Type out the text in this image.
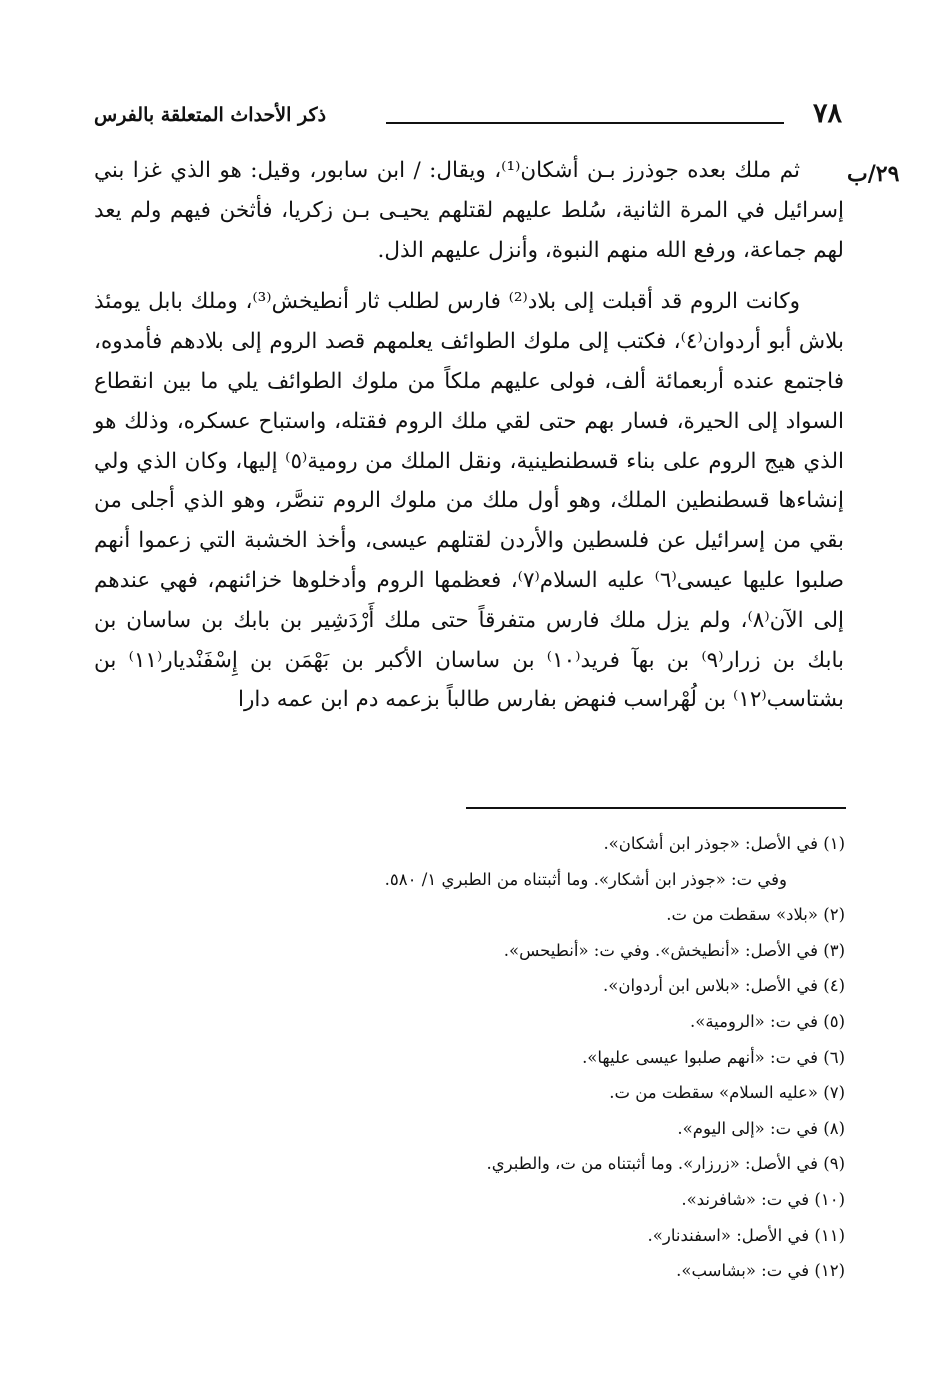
٧٨
ذكر الأحداث المتعلقة بالفرس
٢٩/ب

ثم ملك بعده جوذرز بـن أشكان⁽¹⁾، ويقال: / ابن سابور، وقيل: هو الذي غزا بني إسرائيل في المرة الثانية، سُلط عليهم لقتلهم يحيـى بـن زكريا، فأثخن فيهم ولم يعد لهم جماعة، ورفع الله منهم النبوة، وأنزل عليهم الذل.

وكانت الروم قد أقبلت إلى بلاد⁽²⁾ فارس لطلب ثار أنطيخش⁽³⁾، وملك بابل يومئذ بلاش أبو أردوان⁽٤⁾، فكتب إلى ملوك الطوائف يعلمهم قصد الروم إلى بلادهم فأمدوه، فاجتمع عنده أربعمائة ألف، فولى عليهم ملكاً من ملوك الطوائف يلي ما بين انقطاع السواد إلى الحيرة، فسار بهم حتى لقي ملك الروم فقتله، واستباح عسكره، وذلك هو الذي هيج الروم على بناء قسطنطينية، ونقل الملك من رومية⁽٥⁾ إليها، وكان الذي ولي إنشاءها قسطنطين الملك، وهو أول ملك من ملوك الروم تنصَّر، وهو الذي أجلى من بقي من إسرائيل عن فلسطين والأردن لقتلهم عيسى، وأخذ الخشبة التي زعموا أنهم صلبوا عليها عيسى⁽٦⁾ عليه السلام⁽٧⁾، فعظمها الروم وأدخلوها خزائنهم، فهي عندهم إلى الآن⁽٨⁾، ولم يزل ملك فارس متفرقاً حتى ملك أَرْدَشِير بن بابك بن ساسان بن بابك بن زرار⁽٩⁾ بن بهآ فريد⁽١٠⁾ بن ساسان الأكبر بن بَهْمَن بن إِسْفَنْديار⁽١١⁾ بن بشتاسب⁽١٢⁾ بن لُهْراسب فنهض بفارس طالباً بزعمه دم ابن عمه دارا

(١) في الأصل: «جوذر ابن أشكان».
وفي ت: «جوذر ابن أشكار». وما أثبتناه من الطبري ١/ ٥٨٠.
(٢) «بلاد» سقطت من ت.
(٣) في الأصل: «أنطيخش». وفي ت: «أنطيحس».
(٤) في الأصل: «بلاس ابن أردوان».
(٥) في ت: «الرومية».
(٦) في ت: «أنهم صلبوا عيسى عليها».
(٧) «عليه السلام» سقطت من ت.
(٨) في ت: «إلى اليوم».
(٩) في الأصل: «زرزار». وما أثبتناه من ت، والطبري.
(١٠) في ت: «شافرند».
(١١) في الأصل: «اسفندنار».
(١٢) في ت: «بشاسب».
